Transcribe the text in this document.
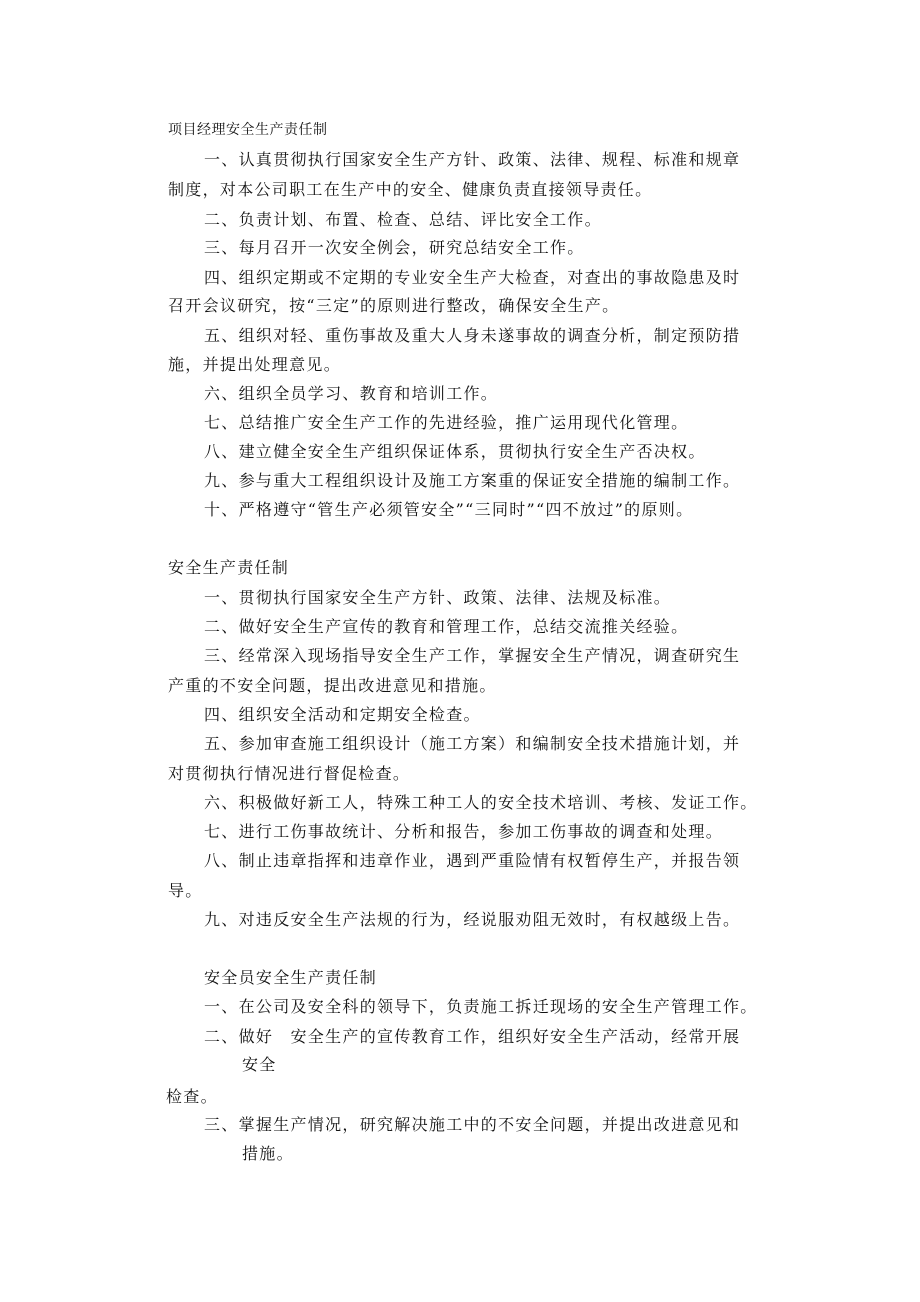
项目经理安全生产责任制
一、认真贯彻执行国家安全生产方针、政策、法律、规程、标准和规章
制度，对本公司职工在生产中的安全、健康负责直接领导责任。
二、负责计划、布置、检查、总结、评比安全工作。
三、每月召开一次安全例会，研究总结安全工作。
四、组织定期或不定期的专业安全生产大检查，对查出的事故隐患及时
召开会议研究，按“三定”的原则进行整改，确保安全生产。
五、组织对轻、重伤事故及重大人身未遂事故的调查分析，制定预防措
施，并提出处理意见。
六、组织全员学习、教育和培训工作。
七、总结推广安全生产工作的先进经验，推广运用现代化管理。
八、建立健全安全生产组织保证体系，贯彻执行安全生产否决权。
九、参与重大工程组织设计及施工方案重的保证安全措施的编制工作。
十、严格遵守“管生产必须管安全”“三同时”“四不放过”的原则。
安全生产责任制
一、贯彻执行国家安全生产方针、政策、法律、法规及标准。
二、做好安全生产宣传的教育和管理工作，总结交流推关经验。
三、经常深入现场指导安全生产工作，掌握安全生产情况，调查研究生
产重的不安全问题，提出改进意见和措施。
四、组织安全活动和定期安全检查。
五、参加审查施工组织设计（施工方案）和编制安全技术措施计划，并
对贯彻执行情况进行督促检查。
六、积极做好新工人，特殊工种工人的安全技术培训、考核、发证工作。
七、进行工伤事故统计、分析和报告，参加工伤事故的调查和处理。
八、制止违章指挥和违章作业，遇到严重险情有权暂停生产，并报告领
导。
九、对违反安全生产法规的行为，经说服劝阻无效时，有权越级上告。
安全员安全生产责任制
一、在公司及安全科的领导下，负责施工拆迁现场的安全生产管理工作。
二、做好　安全生产的宣传教育工作，组织好安全生产活动，经常开展
安全
检查。
三、掌握生产情况，研究解决施工中的不安全问题，并提出改进意见和
措施。
